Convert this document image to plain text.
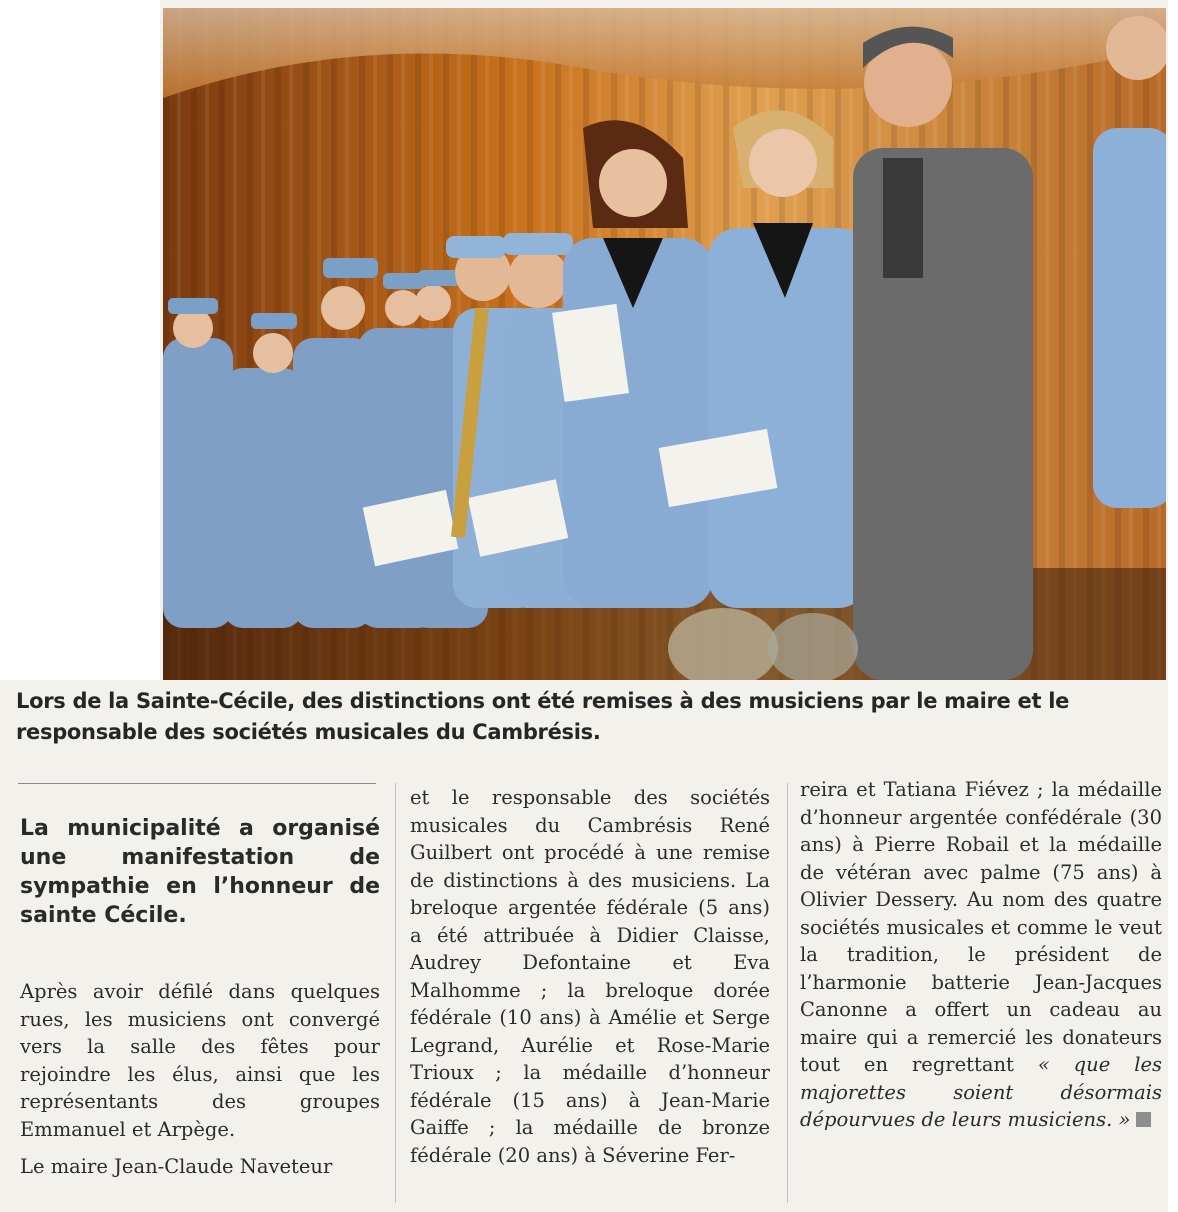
Lors de la Sainte-Cécile, des distinctions ont été remises à des musiciens par le maire et le responsable des sociétés musicales du Cambrésis.
La municipalité a organisé une manifestation de sympathie en l’honneur de sainte Cécile.

Après avoir défilé dans quelques rues, les musiciens ont convergé vers la salle des fêtes pour rejoindre les élus, ainsi que les représentants des groupes Emmanuel et Arpège.

Le maire Jean-Claude Naveteur

et le responsable des sociétés musicales du Cambrésis René Guilbert ont procédé à une remise de distinctions à des musiciens. La breloque argentée fédérale (5 ans) a été attribuée à Didier Claisse, Audrey Defontaine et Eva Malhomme ; la breloque dorée fédérale (10 ans) à Amélie et Serge Legrand, Aurélie et Rose-Marie Trioux ; la médaille d’honneur fédérale (15 ans) à Jean-Marie Gaiffe ; la médaille de bronze fédérale (20 ans) à Séverine Fer-

reira et Tatiana Fiévez ; la médaille d’honneur argentée confédérale (30 ans) à Pierre Robail et la médaille de vétéran avec palme (75 ans) à Olivier Dessery. Au nom des quatre sociétés musicales et comme le veut la tradition, le président de l’harmonie batterie Jean-Jacques Canonne a offert un cadeau au maire qui a remercié les donateurs tout en regrettant « que les majorettes soient désormais dépourvues de leurs musiciens. »
